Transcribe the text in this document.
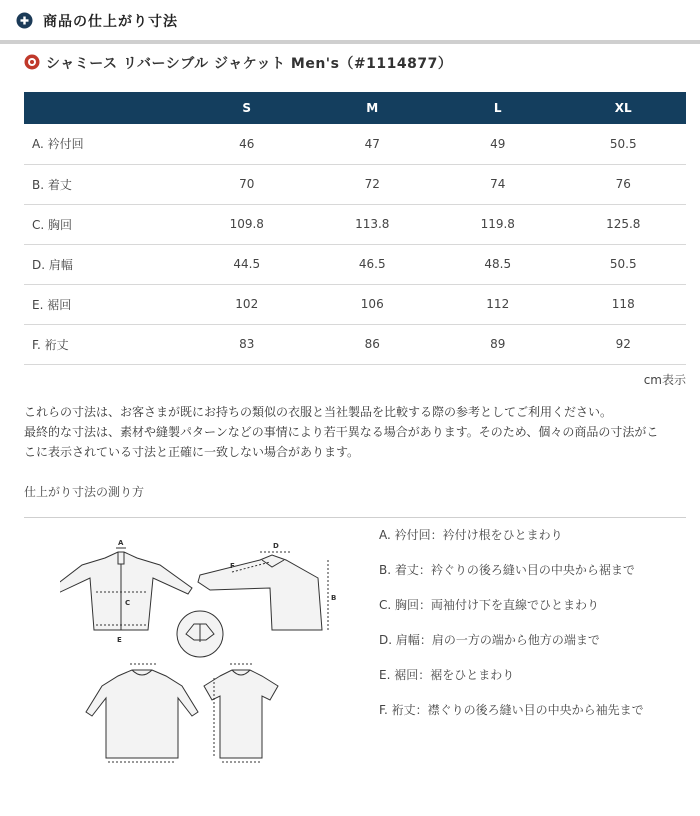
商品の仕上がり寸法
シャミース リバーシブル ジャケット Men's（#1114877）
	S	M	L	XL
A. 衿付回	46	47	49	50.5
B. 着丈	70	72	74	76
C. 胸回	109.8	113.8	119.8	125.8
D. 肩幅	44.5	46.5	48.5	50.5
E. 裾回	102	106	112	118
F. 裄丈	83	86	89	92
cm表示

これらの寸法は、お客さまが既にお持ちの類似の衣服と当社製品を比較する際の参考としてご利用ください。

最終的な寸法は、素材や縫製パターンなどの事情により若干異なる場合があります。そのため、個々の商品の寸法がこ

こに表示されている寸法と正確に一致しない場合があります。

仕上がり寸法の測り方
A
C
E
D
B
F
A. 衿付回：衿付け根をひとまわり
B. 着丈：衿ぐりの後ろ縫い目の中央から裾まで
C. 胸回：両袖付け下を直線でひとまわり
D. 肩幅：肩の一方の端から他方の端まで
E. 裾回：裾をひとまわり
F. 裄丈：襟ぐりの後ろ縫い目の中央から袖先まで
